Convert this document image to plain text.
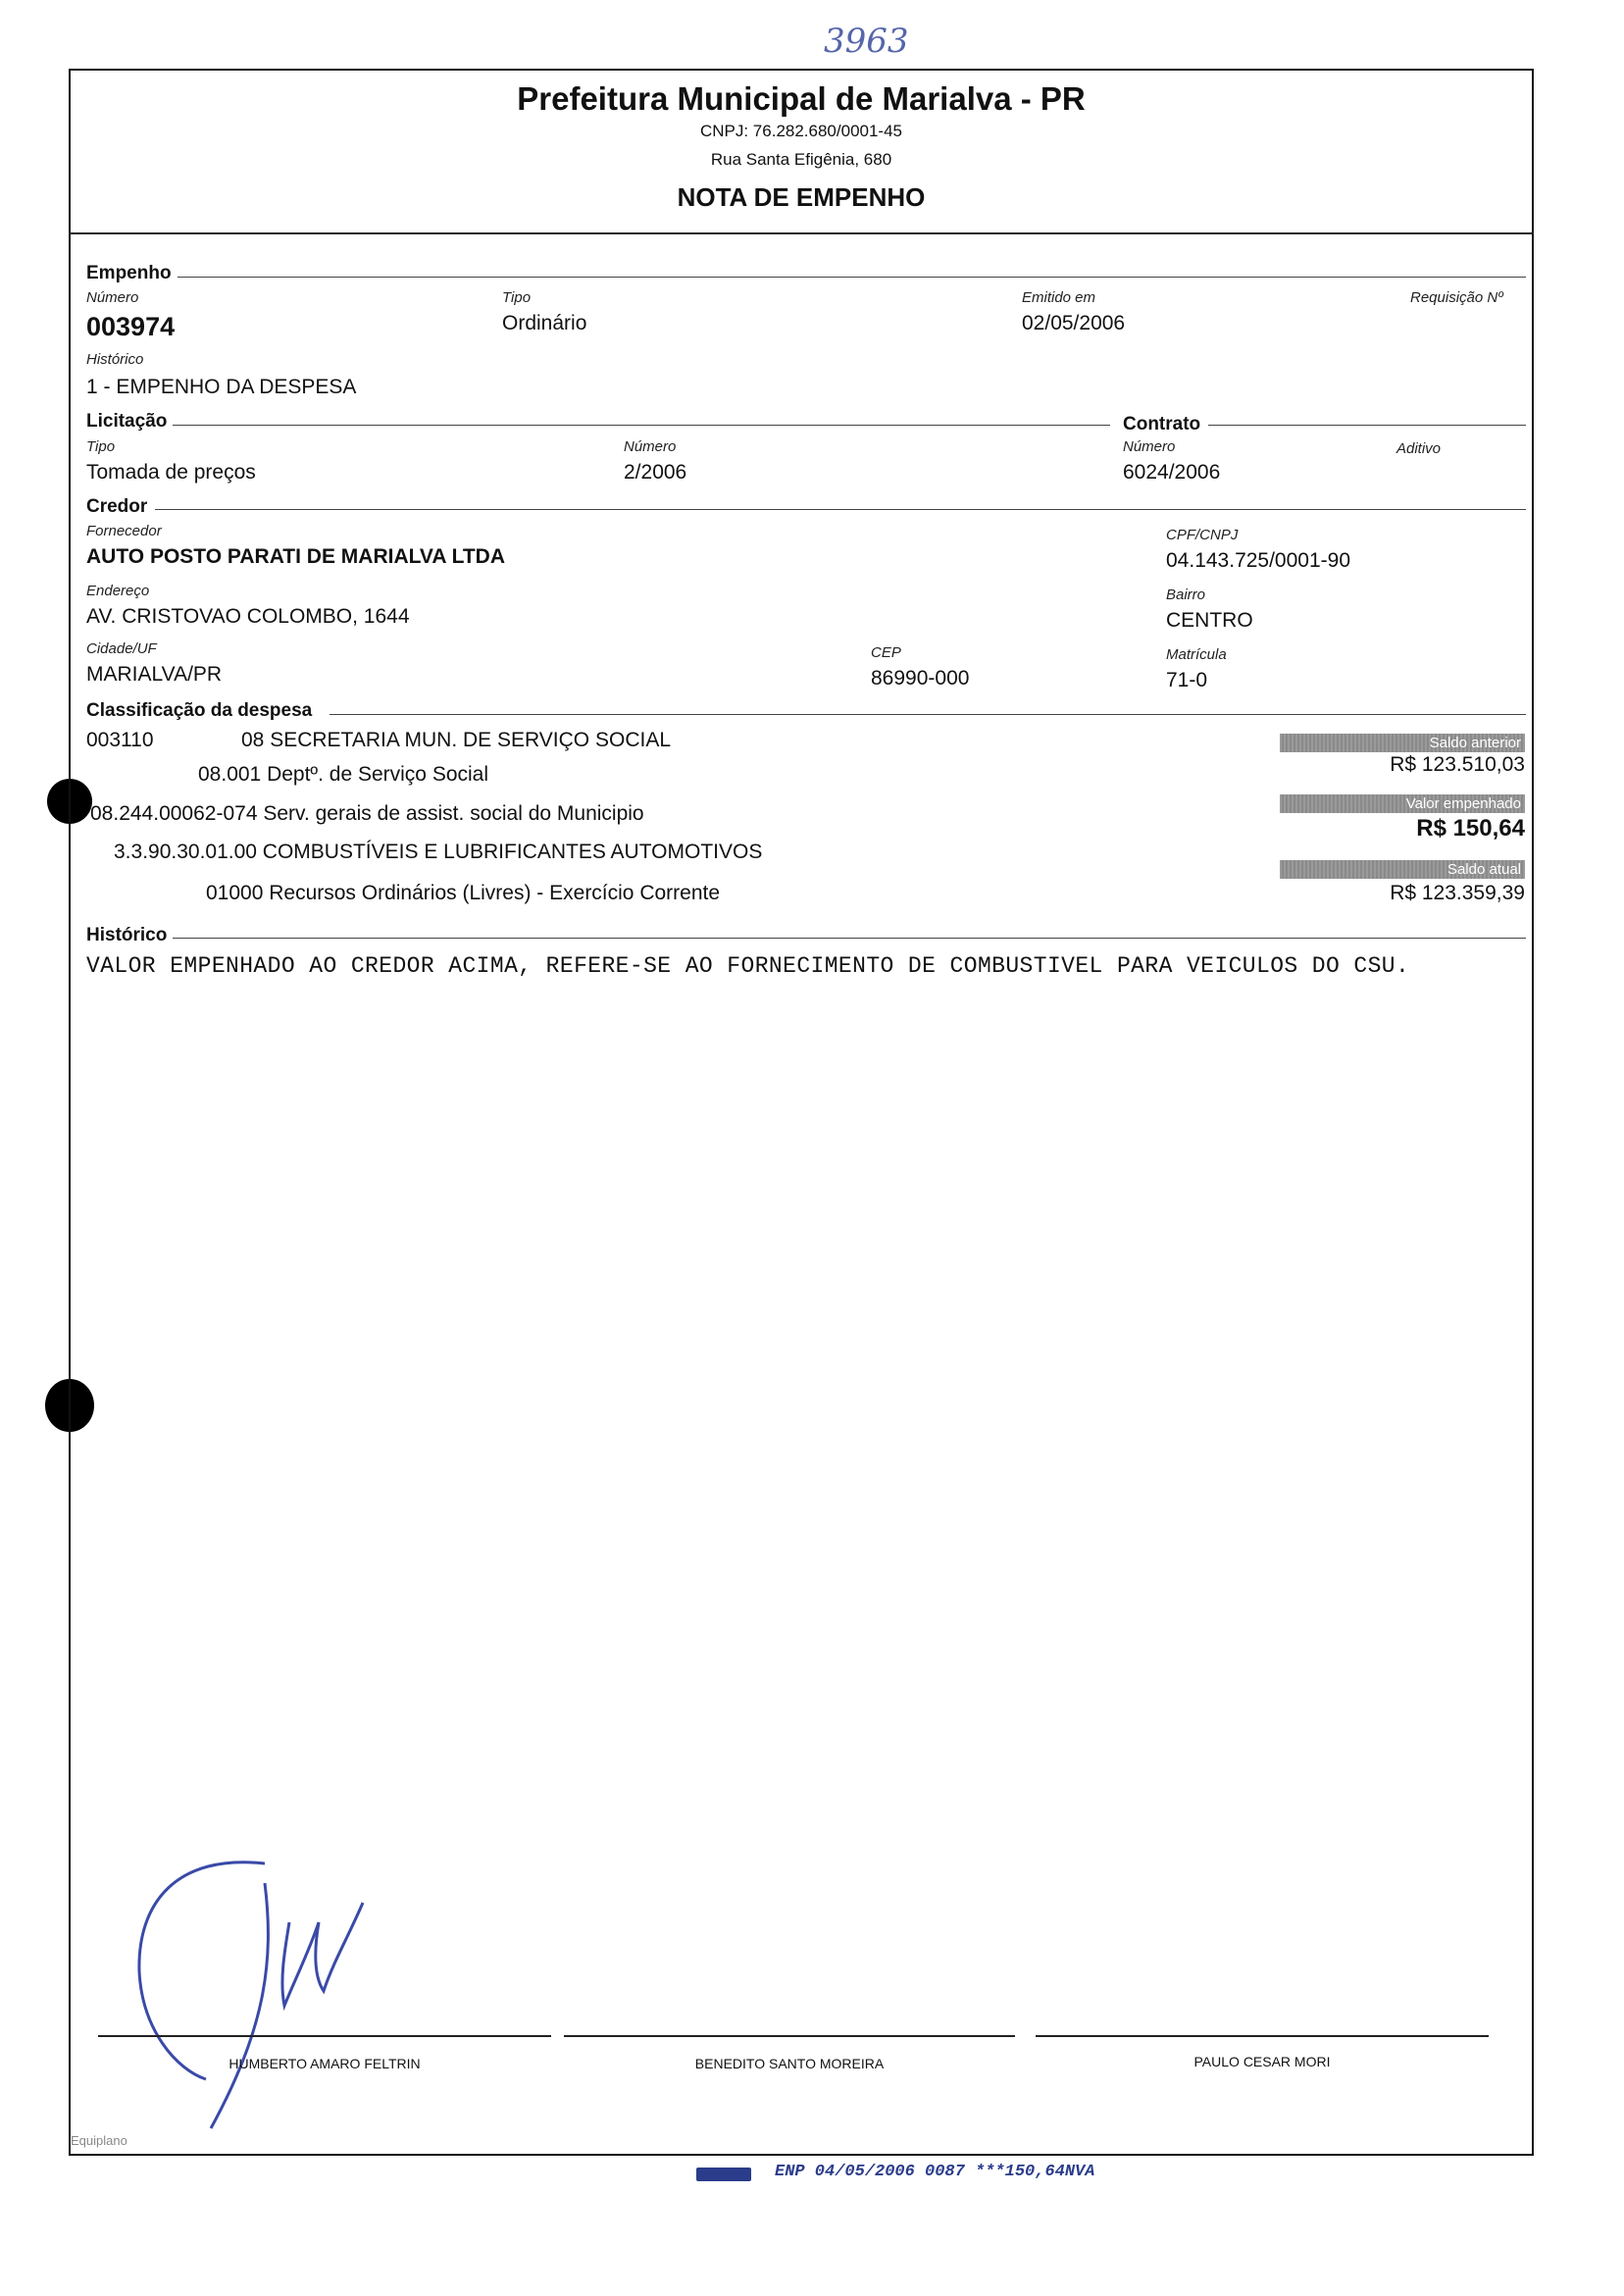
3963
Prefeitura Municipal de Marialva - PR
CNPJ: 76.282.680/0001-45
Rua Santa Efigênia, 680
NOTA DE EMPENHO
Empenho
Número
003974
Tipo
Ordinário
Emitido em
02/05/2006
Requisição Nº
Histórico
1 - EMPENHO DA DESPESA
Licitação	Contrato
Tipo
Tomada de preços
Número
2/2006
Número
6024/2006
Aditivo
Credor
Fornecedor
AUTO POSTO PARATI DE MARIALVA LTDA
CPF/CNPJ
04.143.725/0001-90
Endereço
AV. CRISTOVAO COLOMBO, 1644
Bairro
CENTRO
Cidade/UF
MARIALVA/PR
CEP
86990-000
Matrícula
71-0
Classificação da despesa
003110	08 SECRETARIA MUN. DE SERVIÇO SOCIAL
08.001 Deptº. de Serviço Social
08.244.00062-074 Serv. gerais de assist. social do Municipio
3.3.90.30.01.00 COMBUSTÍVEIS E LUBRIFICANTES AUTOMOTIVOS
01000 Recursos Ordinários (Livres) - Exercício Corrente
Saldo anterior
R$ 123.510,03
Valor empenhado
R$ 150,64
Saldo atual
R$ 123.359,39
Histórico
VALOR EMPENHADO AO CREDOR ACIMA, REFERE-SE AO FORNECIMENTO DE COMBUSTIVEL PARA VEICULOS DO CSU.
HUMBERTO AMARO FELTRIN	BENEDITO SANTO MOREIRA	PAULO CESAR MORI
Equiplano
ENP 04/05/2006 0087 ***150,64NVA
